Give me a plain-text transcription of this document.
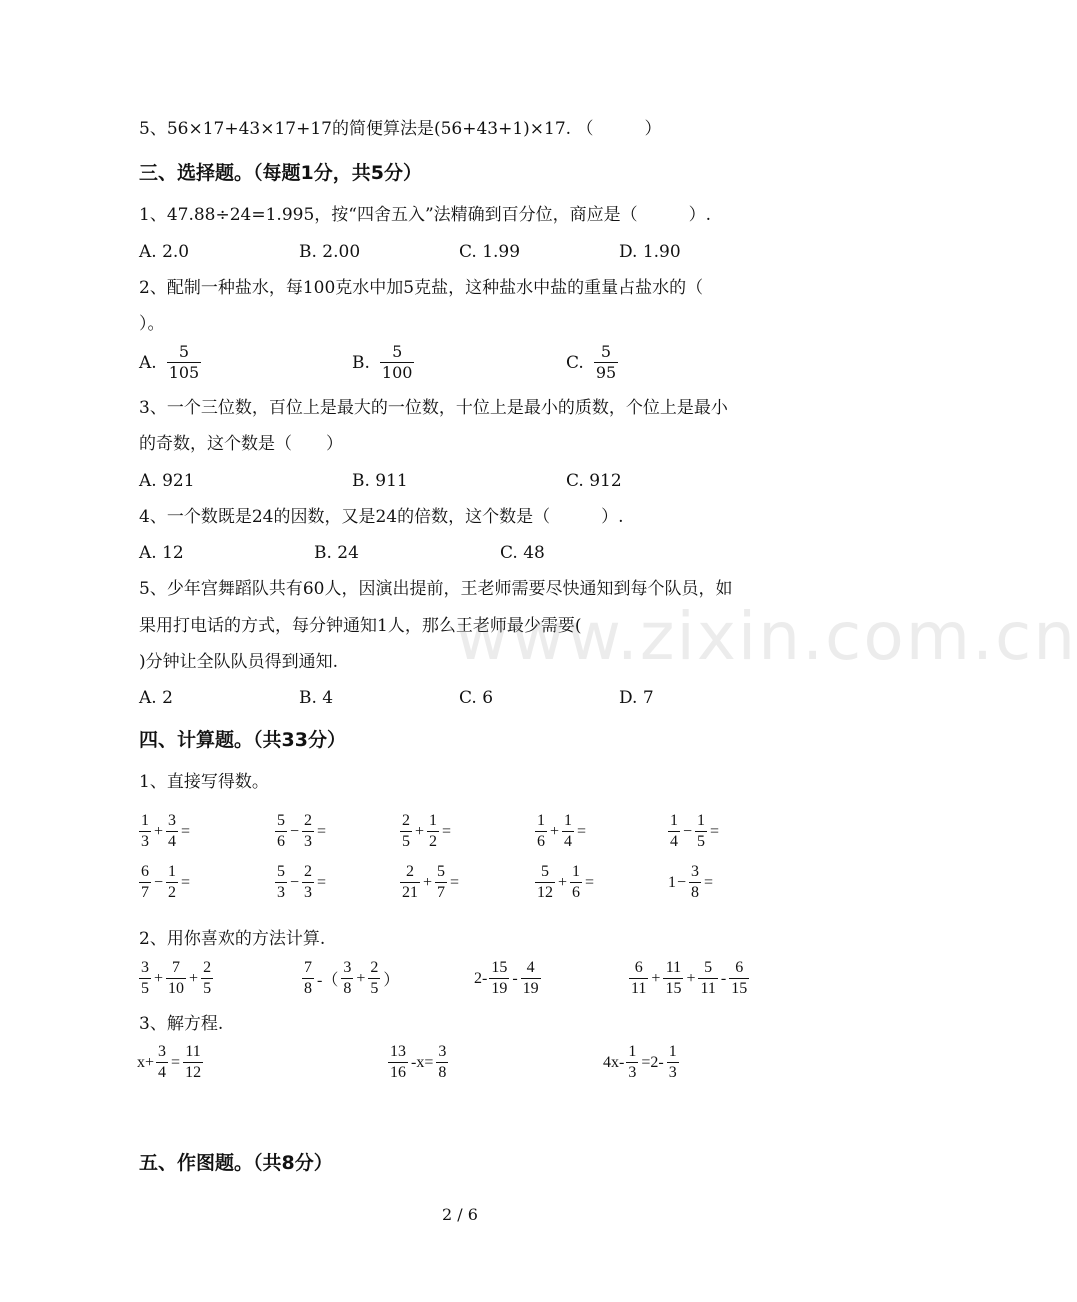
5、56×17+43×17+17的简便算法是(56+43+1)×17. （　　　）
三、选择题。（每题1分，共5分）
1、47.88÷24=1.995，按“四舍五入”法精确到百分位，商应是（　　　）.
A. 2.0	B. 2.00	C. 1.99	D. 1.90
2、配制一种盐水，每100克水中加5克盐，这种盐水中盐的重量占盐水的（
）。
A. $\frac{5}{105}$	B. $\frac{5}{100}$	C. $\frac{5}{95}$
3、一个三位数，百位上是最大的一位数，十位上是最小的质数，个位上是最小
的奇数，这个数是（　　）
A. 921	B. 911	C. 912
4、一个数既是24的因数，又是24的倍数，这个数是（　　　）.
A. 12	B. 24	C. 48
5、少年宫舞蹈队共有60人，因演出提前，王老师需要尽快通知到每个队员，如
果用打电话的方式，每分钟通知1人，那么王老师最少需要(
)分钟让全队队员得到通知.
A. 2	B. 4	C. 6	D. 7
www.zixin.com.cn
四、计算题。（共33分）
1、直接写得数。
$\frac{1}{3} + \frac{3}{4}$ =	$\frac{5}{6} - \frac{2}{3}$ =	$\frac{2}{5} + \frac{1}{2}$ =	$\frac{1}{6} + \frac{1}{4}$ =	$\frac{1}{4} - \frac{1}{5}$ =
$\frac{6}{7} - \frac{1}{2}$ =	$\frac{5}{3} - \frac{2}{3}$ =	$\frac{2}{21} + \frac{5}{7}$ =	$\frac{5}{12} + \frac{1}{6}$ =	$1 - \frac{3}{8}$ =
2、用你喜欢的方法计算.
$\frac{3}{5} + \frac{7}{10} + \frac{2}{5}$	$\frac{7}{8}$ -（ $\frac{3}{8} + \frac{2}{5}$ ）	$2- \frac{15}{19} - \frac{4}{19}$	$\frac{6}{11} + \frac{11}{15} + \frac{5}{11} - \frac{6}{15}$
3、解方程.
$x+ \frac{3}{4} = \frac{11}{12}$	$\frac{13}{16} -x= \frac{3}{8}$	$4x- \frac{1}{3} =2- \frac{1}{3}$
五、作图题。（共8分）
2 / 6
